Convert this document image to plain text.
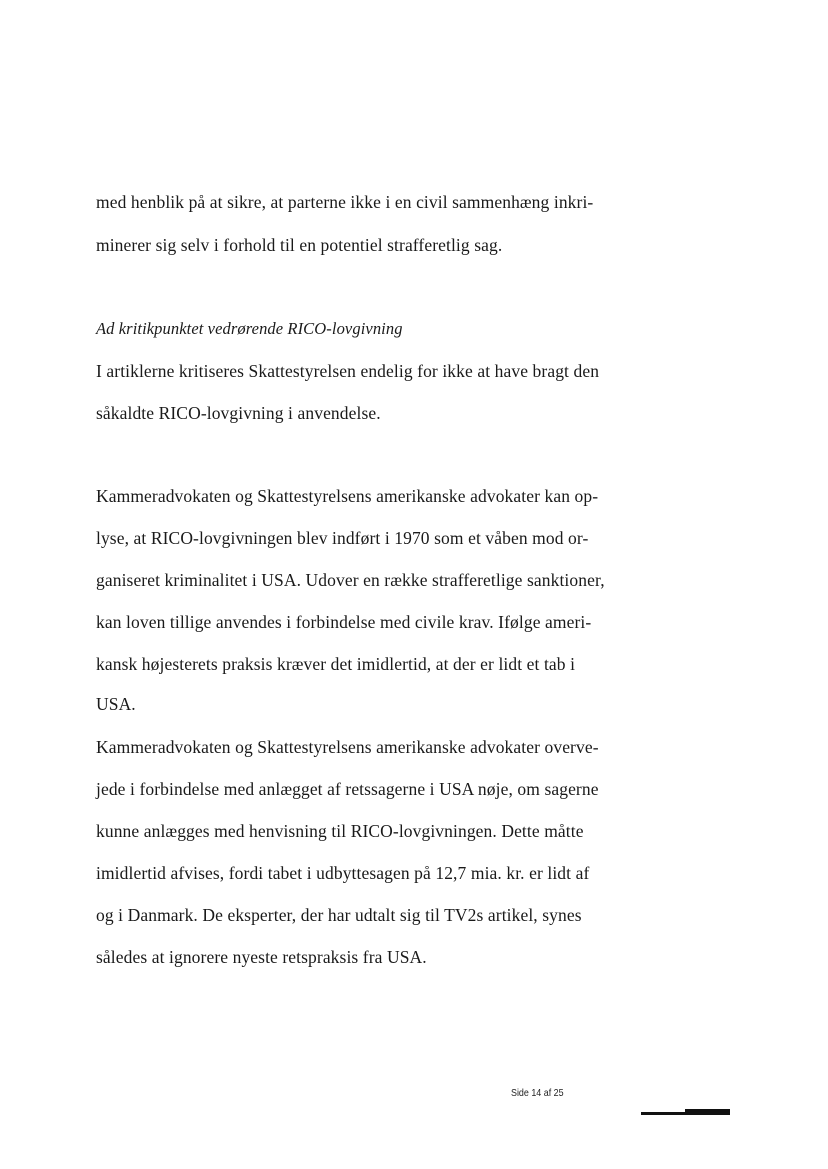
med henblik på at sikre, at parterne ikke i en civil sammenhæng inkri-
minerer sig selv i forhold til en potentiel strafferetlig sag.
Ad kritikpunktet vedrørende RICO-lovgivning
I artiklerne kritiseres Skattestyrelsen endelig for ikke at have bragt den
såkaldte RICO-lovgivning i anvendelse.
Kammeradvokaten og Skattestyrelsens amerikanske advokater kan op-
lyse, at RICO-lovgivningen blev indført i 1970 som et våben mod or-
ganiseret kriminalitet i USA. Udover en række strafferetlige sanktioner,
kan loven tillige anvendes i forbindelse med civile krav. Ifølge ameri-
kansk højesterets praksis kræver det imidlertid, at der er lidt et tab i
USA.
Kammeradvokaten og Skattestyrelsens amerikanske advokater overve-
jede i forbindelse med anlægget af retssagerne i USA nøje, om sagerne
kunne anlægges med henvisning til RICO-lovgivningen. Dette måtte
imidlertid afvises, fordi tabet i udbyttesagen på 12,7 mia. kr. er lidt af
og i Danmark. De eksperter, der har udtalt sig til TV2s artikel, synes
således at ignorere nyeste retspraksis fra USA.
Side 14 af 25
